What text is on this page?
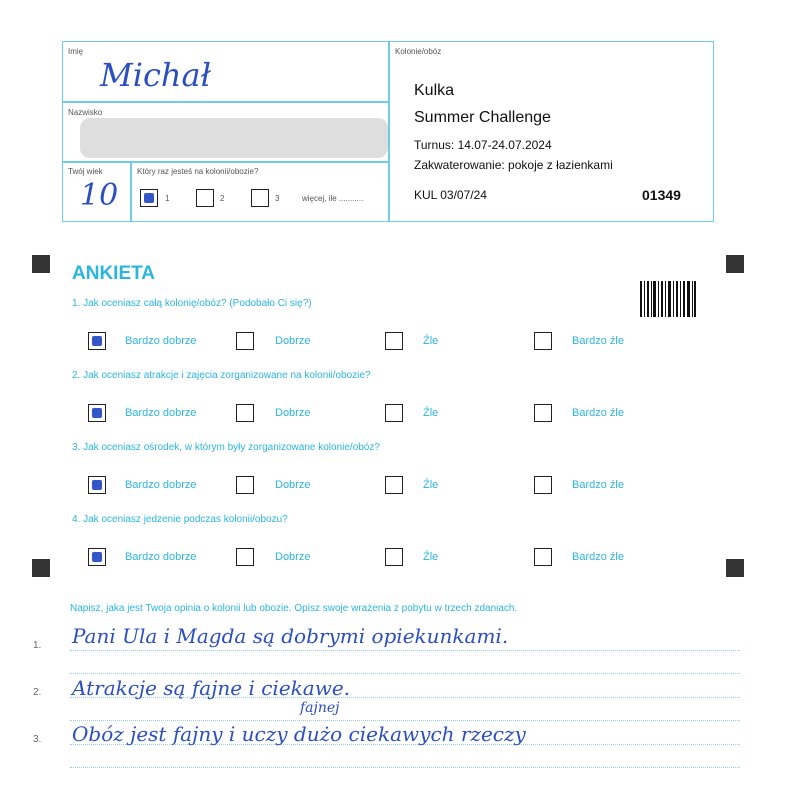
Imię
Michał
Nazwisko
Twój wiek
10
Który raz jesteś na kolonii/obozie?
1	2	3	więcej, ile ...........
Kolonie/obóz
Kulka
Summer Challenge
Turnus: 14.07-24.07.2024
Zakwaterowanie: pokoje z łazienkami
KUL 03/07/24	01349
ANKIETA
1. Jak oceniasz całą kolonię/obóz? (Podobało Ci się?)
Bardzo dobrze	Dobrze	Źle	Bardzo źle
2. Jak oceniasz atrakcje i zajęcia zorganizowane na kolonii/obozie?
Bardzo dobrze	Dobrze	Źle	Bardzo źle
3. Jak oceniasz ośrodek, w którym były zorganizowane kolonie/obóz?
Bardzo dobrze	Dobrze	Źle	Bardzo źle
4. Jak oceniasz jedzenie podczas kolonii/obozu?
Bardzo dobrze	Dobrze	Źle	Bardzo źle
Napisz, jaka jest Twoja opinia o kolonii lub obozie. Opisz swoje wrażenia z pobytu w trzech zdaniach.
1.
2.
3.
Pani Ula i Magda są dobrymi opiekunkami.
Atrakcje są fajne i ciekawe.
Obóz jest fajny i uczy dużo ciekawych rzeczy
fajnej
